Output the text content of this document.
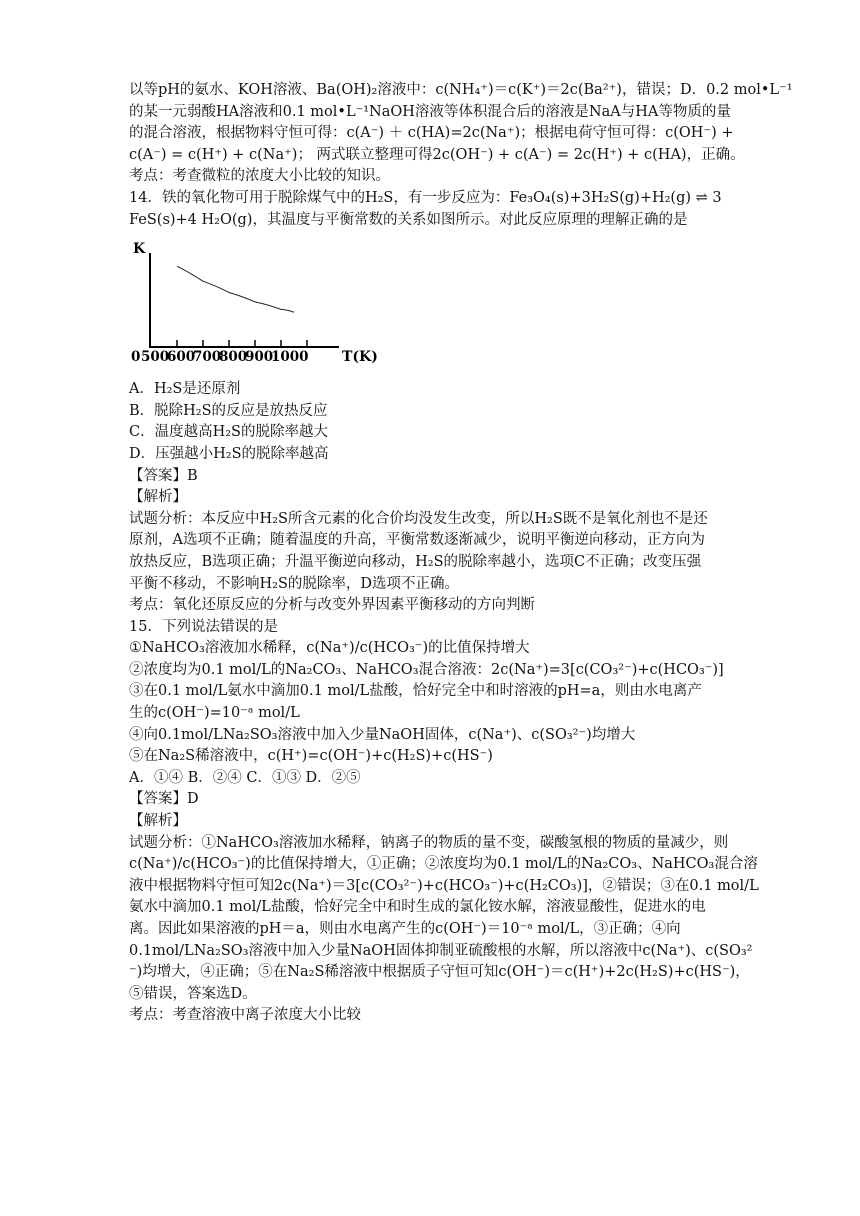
以等pH的氨水、KOH溶液、Ba(OH)₂溶液中：c(NH₄⁺)＝c(K⁺)＝2c(Ba²⁺)，错误；D．0.2 mol•L⁻¹
的某一元弱酸HA溶液和0.1 mol•L⁻¹NaOH溶液等体积混合后的溶液是NaA与HA等物质的量
的混合溶液，根据物料守恒可得：c(A⁻) ＋ c(HA)=2c(Na⁺)；根据电荷守恒可得：c(OH⁻) +
c(A⁻) = c(H⁺) + c(Na⁺)； 两式联立整理可得2c(OH⁻) + c(A⁻) = 2c(H⁺) + c(HA)，正确。
考点：考查微粒的浓度大小比较的知识。
14．铁的氧化物可用于脱除煤气中的H₂S，有一步反应为：Fe₃O₄(s)+3H₂S(g)+H₂(g) ⇌ 3
FeS(s)+4 H₂O(g)，其温度与平衡常数的关系如图所示。对此反应原理的理解正确的是
K
0 500
600
700
800
900
1000 T(K)
A．H₂S是还原剂
B．脱除H₂S的反应是放热反应
C．温度越高H₂S的脱除率越大
D．压强越小H₂S的脱除率越高
【答案】B
【解析】
试题分析：本反应中H₂S所含元素的化合价均没发生改变，所以H₂S既不是氧化剂也不是还
原剂，A选项不正确；随着温度的升高，平衡常数逐渐减少，说明平衡逆向移动，正方向为
放热反应，B选项正确；升温平衡逆向移动，H₂S的脱除率越小，选项C不正确；改变压强
平衡不移动，不影响H₂S的脱除率，D选项不正确。
考点：氧化还原反应的分析与改变外界因素平衡移动的方向判断
15．下列说法错误的是
①NaHCO₃溶液加水稀释，c(Na⁺)/c(HCO₃⁻)的比值保持增大
②浓度均为0.1 mol/L的Na₂CO₃、NaHCO₃混合溶液：2c(Na⁺)=3[c(CO₃²⁻)+c(HCO₃⁻)]
③在0.1 mol/L氨水中滴加0.1 mol/L盐酸，恰好完全中和时溶液的pH=a，则由水电离产
生的c(OH⁻)=10⁻ᵃ mol/L
④向0.1mol/LNa₂SO₃溶液中加入少量NaOH固体，c(Na⁺)、c(SO₃²⁻)均增大
⑤在Na₂S稀溶液中，c(H⁺)=c(OH⁻)+c(H₂S)+c(HS⁻)
A．①④ B．②④ C．①③ D．②⑤
【答案】D
【解析】
试题分析：①NaHCO₃溶液加水稀释，钠离子的物质的量不变，碳酸氢根的物质的量减少，则
c(Na⁺)/c(HCO₃⁻)的比值保持增大，①正确；②浓度均为0.1 mol/L的Na₂CO₃、NaHCO₃混合溶
液中根据物料守恒可知2c(Na⁺)＝3[c(CO₃²⁻)+c(HCO₃⁻)+c(H₂CO₃)]，②错误；③在0.1 mol/L
氨水中滴加0.1 mol/L盐酸，恰好完全中和时生成的氯化铵水解，溶液显酸性，促进水的电
离。因此如果溶液的pH＝a，则由水电离产生的c(OH⁻)＝10⁻ᵃ mol/L，③正确；④向
0.1mol/LNa₂SO₃溶液中加入少量NaOH固体抑制亚硫酸根的水解，所以溶液中c(Na⁺)、c(SO₃²
⁻)均增大，④正确；⑤在Na₂S稀溶液中根据质子守恒可知c(OH⁻)＝c(H⁺)+2c(H₂S)+c(HS⁻)，
⑤错误，答案选D。
考点：考查溶液中离子浓度大小比较
